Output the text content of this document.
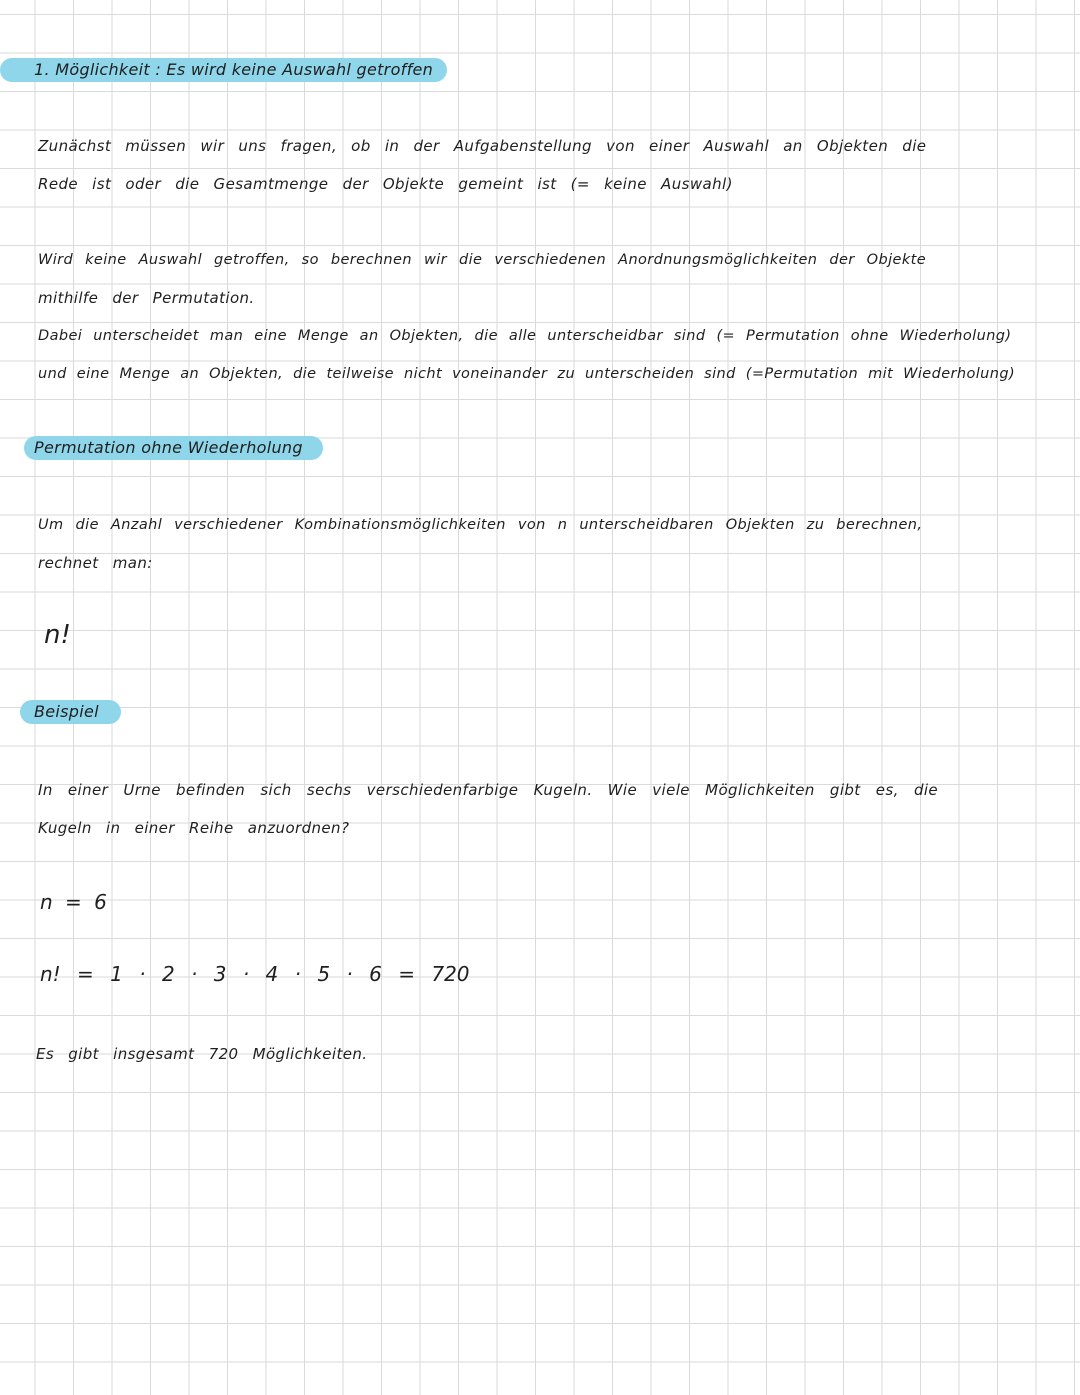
1. Möglichkeit : Es wird keine Auswahl getroffen
Zunächst müssen wir uns fragen, ob in der Aufgabenstellung von einer Auswahl an Objekten die
Rede ist oder die Gesamtmenge der Objekte gemeint ist (= keine Auswahl)
Wird keine Auswahl getroffen, so berechnen wir die verschiedenen Anordnungsmöglichkeiten der Objekte
mithilfe der Permutation.
Dabei unterscheidet man eine Menge an Objekten, die alle unterscheidbar sind (= Permutation ohne Wiederholung)
und eine Menge an Objekten, die teilweise nicht voneinander zu unterscheiden sind (=Permutation mit Wiederholung)
Permutation ohne Wiederholung
Um die Anzahl verschiedener Kombinationsmöglichkeiten von n unterscheidbaren Objekten zu berechnen,
rechnet man:
n!
Beispiel
In einer Urne befinden sich sechs verschiedenfarbige Kugeln. Wie viele Möglichkeiten gibt es, die
Kugeln in einer Reihe anzuordnen?
n = 6
n! = 1 · 2 · 3 · 4 · 5 · 6 = 720
Es gibt insgesamt 720 Möglichkeiten.
